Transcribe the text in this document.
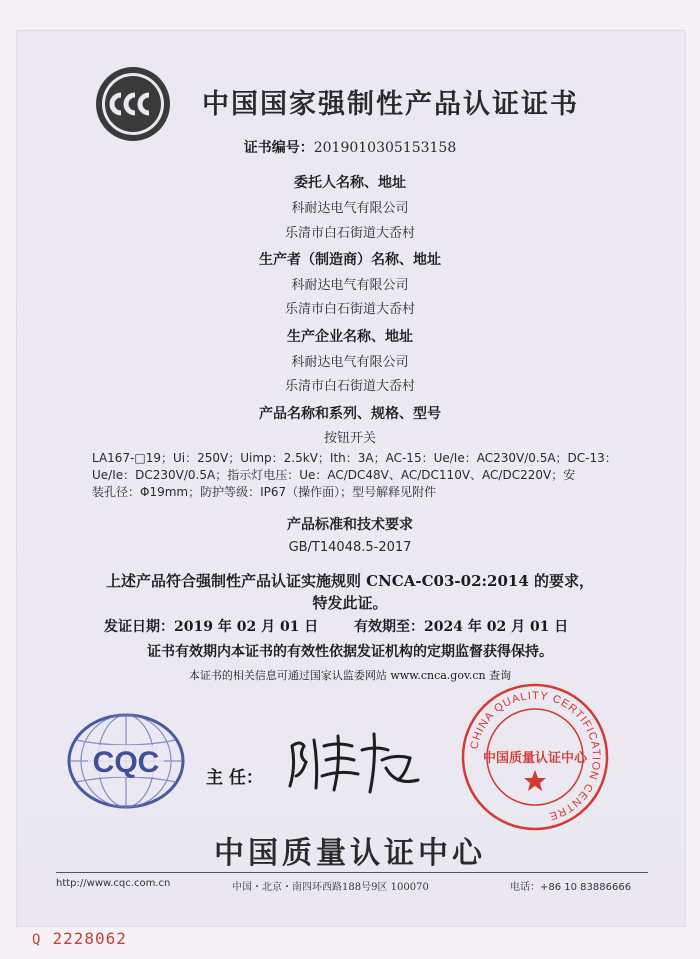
中国国家强制性产品认证证书
证书编号：2019010305153158
委托人名称、地址
科耐达电气有限公司
乐清市白石街道大岙村
生产者（制造商）名称、地址
科耐达电气有限公司
乐清市白石街道大岙村
生产企业名称、地址
科耐达电气有限公司
乐清市白石街道大岙村
产品名称和系列、规格、型号
按钮开关
LA167-□19；Ui：250V；Uimp：2.5kV；Ith：3A；AC-15：Ue/Ie：AC230V/0.5A；DC-13：
Ue/Ie：DC230V/0.5A；指示灯电压：Ue：AC/DC48V、AC/DC110V、AC/DC220V；安
装孔径：Φ19mm；防护等级：IP67（操作面）；型号解释见附件
产品标准和技术要求
GB/T14048.5-2017
上述产品符合强制性产品认证实施规则 CNCA-C03-02:2014 的要求，
特发此证。
发证日期：2019 年 02 月 01 日	有效期至：2024 年 02 月 01 日
证书有效期内本证书的有效性依据发证机构的定期监督获得保持。
本证书的相关信息可通过国家认监委网站 www.cnca.gov.cn 查询
CQC	主 任：
CHINA QUALITY CERTIFICATION CENTRE
中国质量认证中心
中国质量认证中心
http://www.cqc.com.cn	中国・北京・南四环西路188号9区 100070	电话：+86 10 83886666
Q 2228062
